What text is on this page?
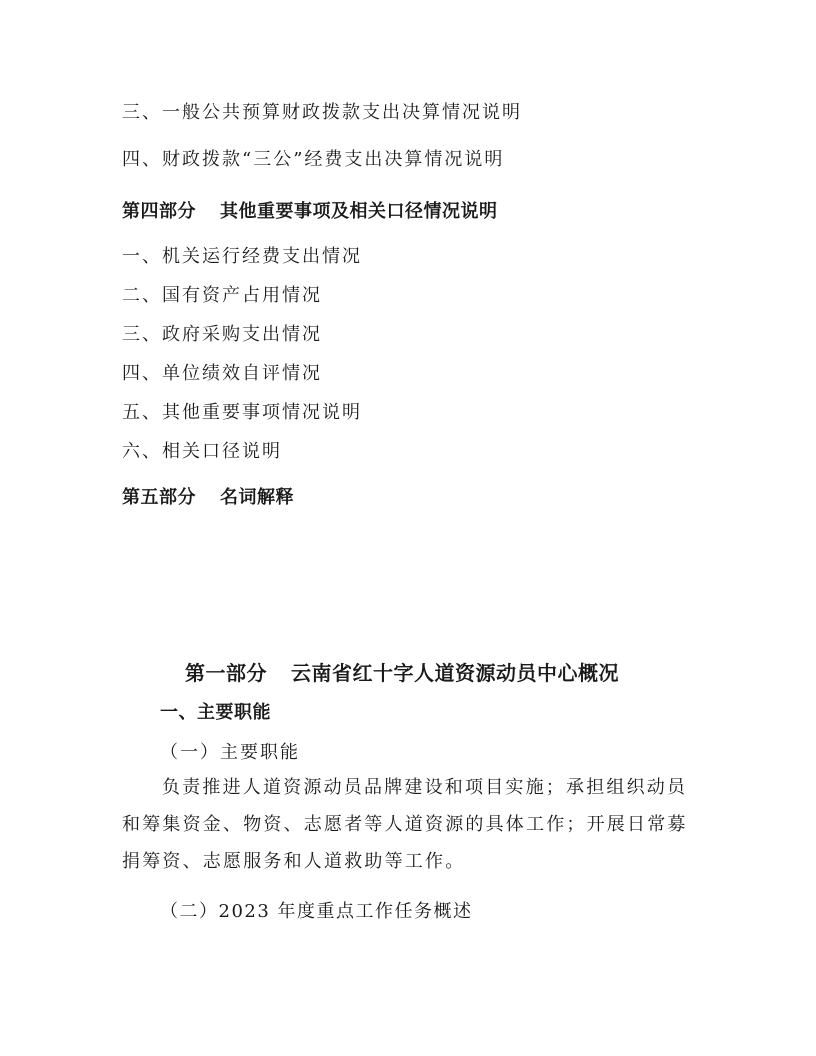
三、一般公共预算财政拨款支出决算情况说明
四、财政拨款“三公”经费支出决算情况说明
第四部分 其他重要事项及相关口径情况说明
一、机关运行经费支出情况
二、国有资产占用情况
三、政府采购支出情况
四、单位绩效自评情况
五、其他重要事项情况说明
六、相关口径说明
第五部分 名词解释
第一部分 云南省红十字人道资源动员中心概况
一、主要职能
（一）主要职能
负责推进人道资源动员品牌建设和项目实施；承担组织动员和筹集资金、物资、志愿者等人道资源的具体工作；开展日常募捐筹资、志愿服务和人道救助等工作。
（二）2023 年度重点工作任务概述
